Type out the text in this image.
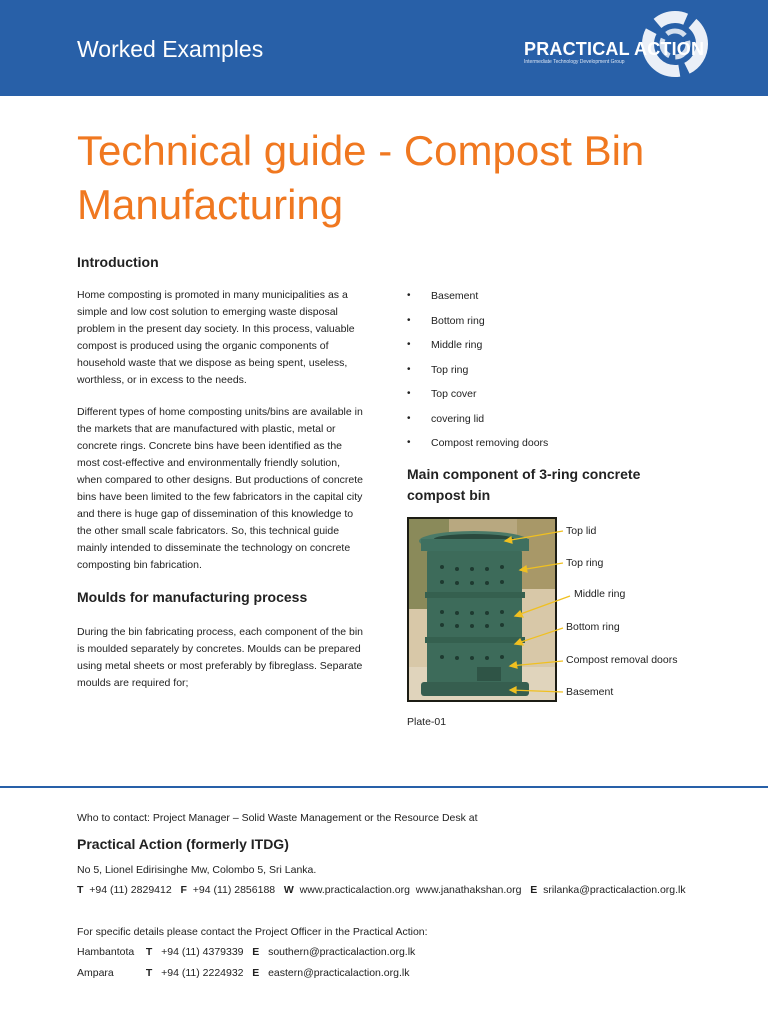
Worked Examples	PRACTICAL ACTION
Intermediate Technology Development Group
Technical guide - Compost Bin Manufacturing
Introduction
Home composting is promoted in many municipalities as a simple and low cost solution to emerging waste disposal problem in the present day society. In this process, valuable compost is produced using the organic components of household waste that we dispose as being spent, useless, worthless, or in excess to the needs.
Different types of home composting units/bins are available in the markets that are manufactured with plastic, metal or concrete rings. Concrete bins have been identified as the most cost-effective and environmentally friendly solution, when compared to other designs. But productions of concrete bins have been limited to the few fabricators in the capital city and there is huge gap of dissemination of this knowledge to the other small scale fabricators. So, this technical guide mainly intended to disseminate the technology on concrete composting bin fabrication.
Moulds for manufacturing process
During the bin fabricating process, each component of the bin is moulded separately by concretes. Moulds can be prepared using metal sheets or most preferably by fibreglass. Separate moulds are required for;
• Basement
• Bottom ring
• Middle ring
• Top ring
• Top cover
• covering lid
• Compost removing doors
Main component of 3-ring concrete compost bin
Top lid
Top ring
Middle ring
Bottom ring
Compost removal doors
Basement
Plate-01
Who to contact: Project Manager – Solid Waste Management or the Resource Desk at
Practical Action (formerly ITDG)
No 5, Lionel Edirisinghe Mw, Colombo 5, Sri Lanka.
T +94 (11) 2829412 F +94 (11) 2856188 W www.practicalaction.org  www.janathakshan.org E srilanka@practicalaction.org.lk
For specific details please contact the Project Officer in the Practical Action:
Hambantota T +94 (11) 4379339 E southern@practicalaction.org.lk
Ampara	T +94 (11) 2224932 E eastern@practicalaction.org.lk
